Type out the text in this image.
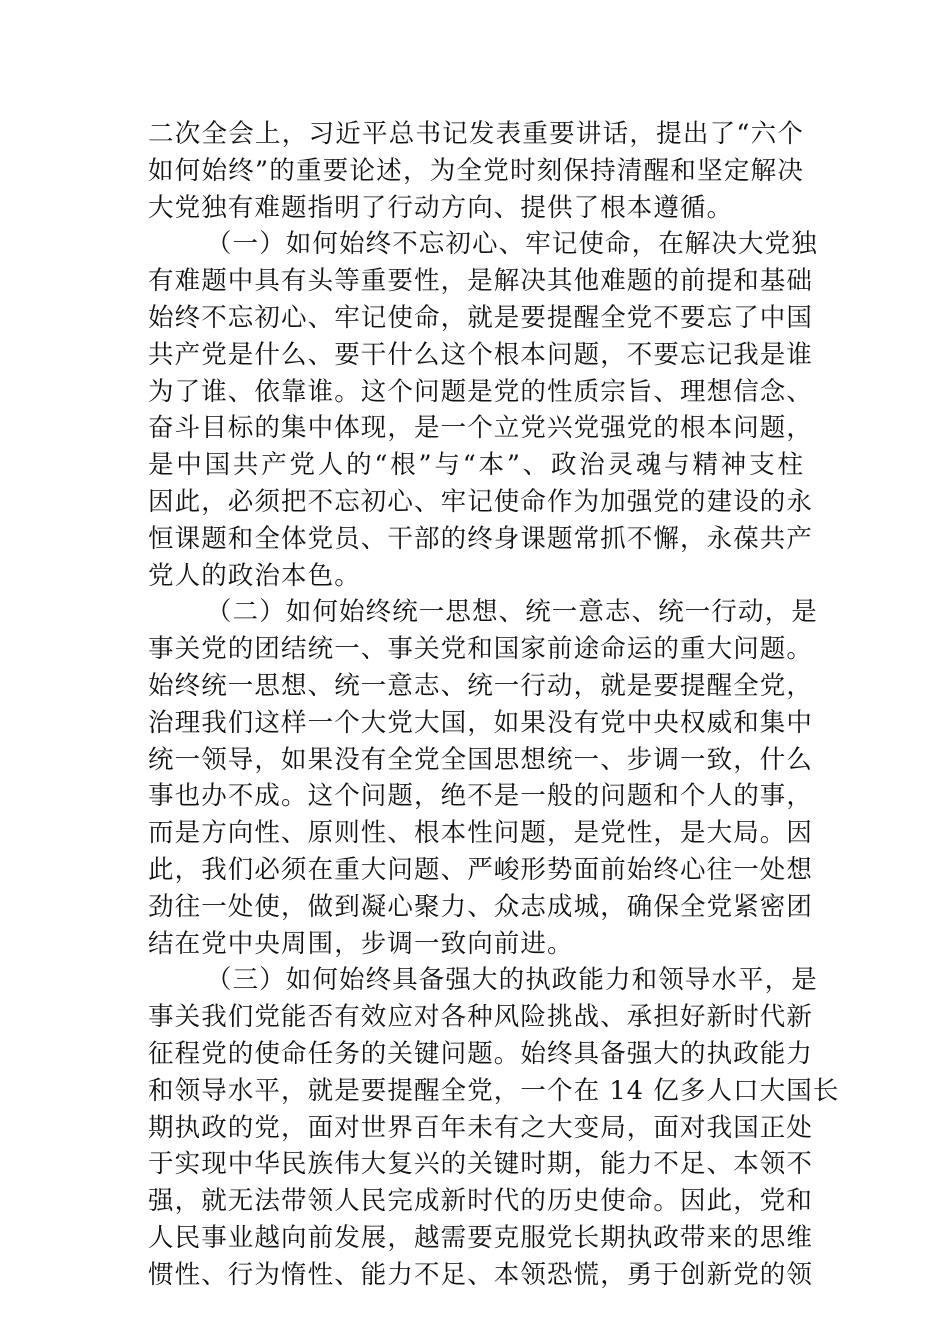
二次全会上，习近平总书记发表重要讲话，提出了“六个
如何始终”的重要论述，为全党时刻保持清醒和坚定解决
大党独有难题指明了行动方向、提供了根本遵循。
（一）如何始终不忘初心、牢记使命，在解决大党独
有难题中具有头等重要性，是解决其他难题的前提和基础
始终不忘初心、牢记使命，就是要提醒全党不要忘了中国
共产党是什么、要干什么这个根本问题，不要忘记我是谁
为了谁、依靠谁。这个问题是党的性质宗旨、理想信念、
奋斗目标的集中体现，是一个立党兴党强党的根本问题，
是中国共产党人的“根”与“本”、政治灵魂与精神支柱
因此，必须把不忘初心、牢记使命作为加强党的建设的永
恒课题和全体党员、干部的终身课题常抓不懈，永葆共产
党人的政治本色。
（二）如何始终统一思想、统一意志、统一行动，是
事关党的团结统一、事关党和国家前途命运的重大问题。
始终统一思想、统一意志、统一行动，就是要提醒全党，
治理我们这样一个大党大国，如果没有党中央权威和集中
统一领导，如果没有全党全国思想统一、步调一致，什么
事也办不成。这个问题，绝不是一般的问题和个人的事，
而是方向性、原则性、根本性问题，是党性，是大局。因
此，我们必须在重大问题、严峻形势面前始终心往一处想
劲往一处使，做到凝心聚力、众志成城，确保全党紧密团
结在党中央周围，步调一致向前进。
（三）如何始终具备强大的执政能力和领导水平，是
事关我们党能否有效应对各种风险挑战、承担好新时代新
征程党的使命任务的关键问题。始终具备强大的执政能力
和领导水平，就是要提醒全党，一个在 14 亿多人口大国长
期执政的党，面对世界百年未有之大变局，面对我国正处
于实现中华民族伟大复兴的关键时期，能力不足、本领不
强，就无法带领人民完成新时代的历史使命。因此，党和
人民事业越向前发展，越需要克服党长期执政带来的思维
惯性、行为惰性、能力不足、本领恐慌，勇于创新党的领
